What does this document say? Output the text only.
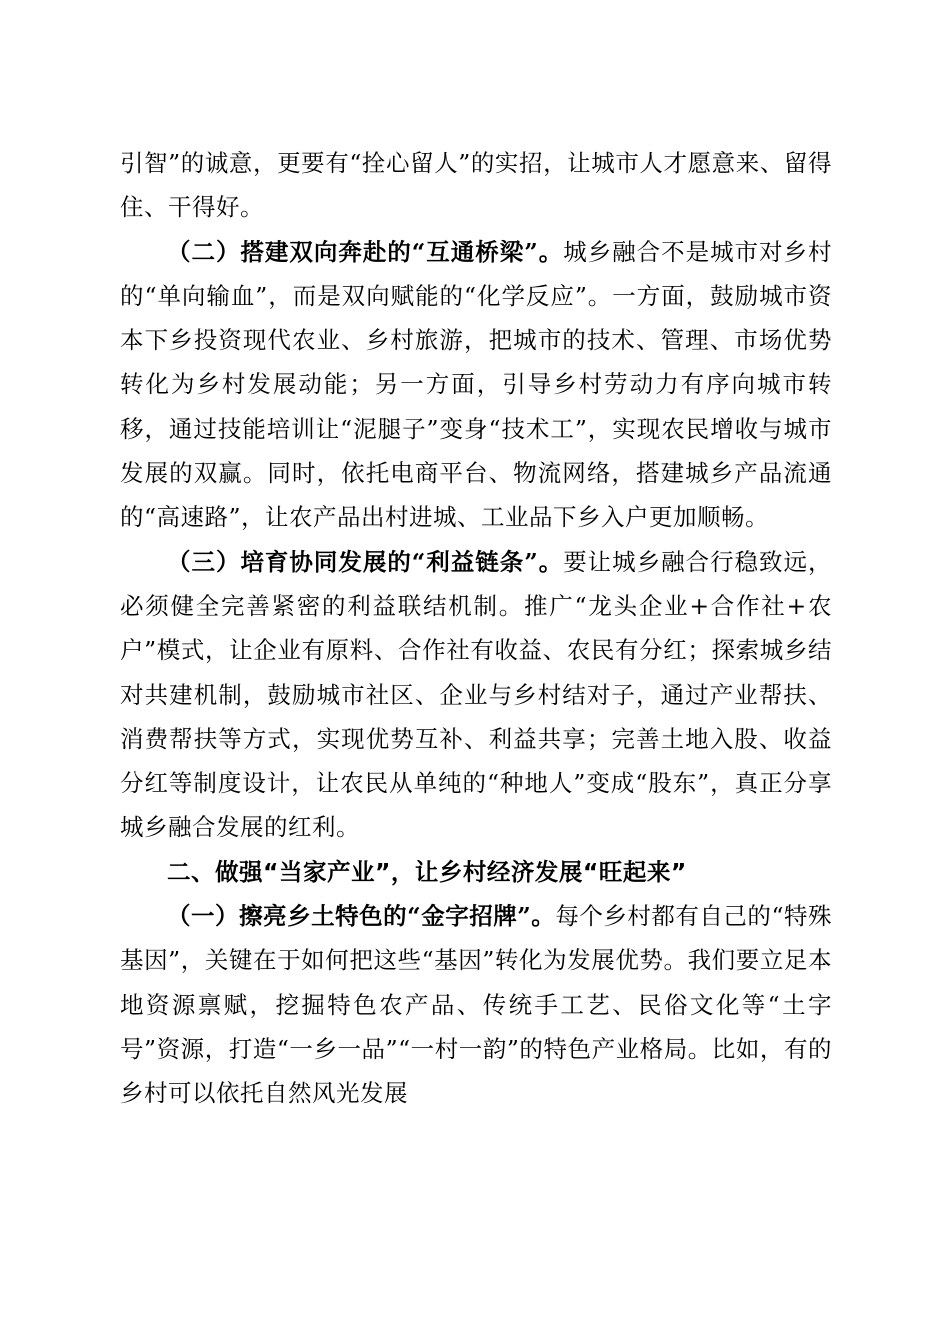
引智”的诚意，更要有“拴心留人”的实招，让城市人才愿意来、留得住、干得好。

（二）搭建双向奔赴的“互通桥梁”。城乡融合不是城市对乡村的“单向输血”，而是双向赋能的“化学反应”。一方面，鼓励城市资本下乡投资现代农业、乡村旅游，把城市的技术、管理、市场优势转化为乡村发展动能；另一方面，引导乡村劳动力有序向城市转移，通过技能培训让“泥腿子”变身“技术工”，实现农民增收与城市发展的双赢。同时，依托电商平台、物流网络，搭建城乡产品流通的“高速路”，让农产品出村进城、工业品下乡入户更加顺畅。

（三）培育协同发展的“利益链条”。要让城乡融合行稳致远，必须健全完善紧密的利益联结机制。推广“龙头企业+合作社+农户”模式，让企业有原料、合作社有收益、农民有分红；探索城乡结对共建机制，鼓励城市社区、企业与乡村结对子，通过产业帮扶、消费帮扶等方式，实现优势互补、利益共享；完善土地入股、收益分红等制度设计，让农民从单纯的“种地人”变成“股东”，真正分享城乡融合发展的红利。

二、做强“当家产业”，让乡村经济发展“旺起来”

（一）擦亮乡土特色的“金字招牌”。每个乡村都有自己的“特殊基因”，关键在于如何把这些“基因”转化为发展优势。我们要立足本地资源禀赋，挖掘特色农产品、传统手工艺、民俗文化等“土字号”资源，打造“一乡一品”“一村一韵”的特色产业格局。比如，有的乡村可以依托自然风光发展
